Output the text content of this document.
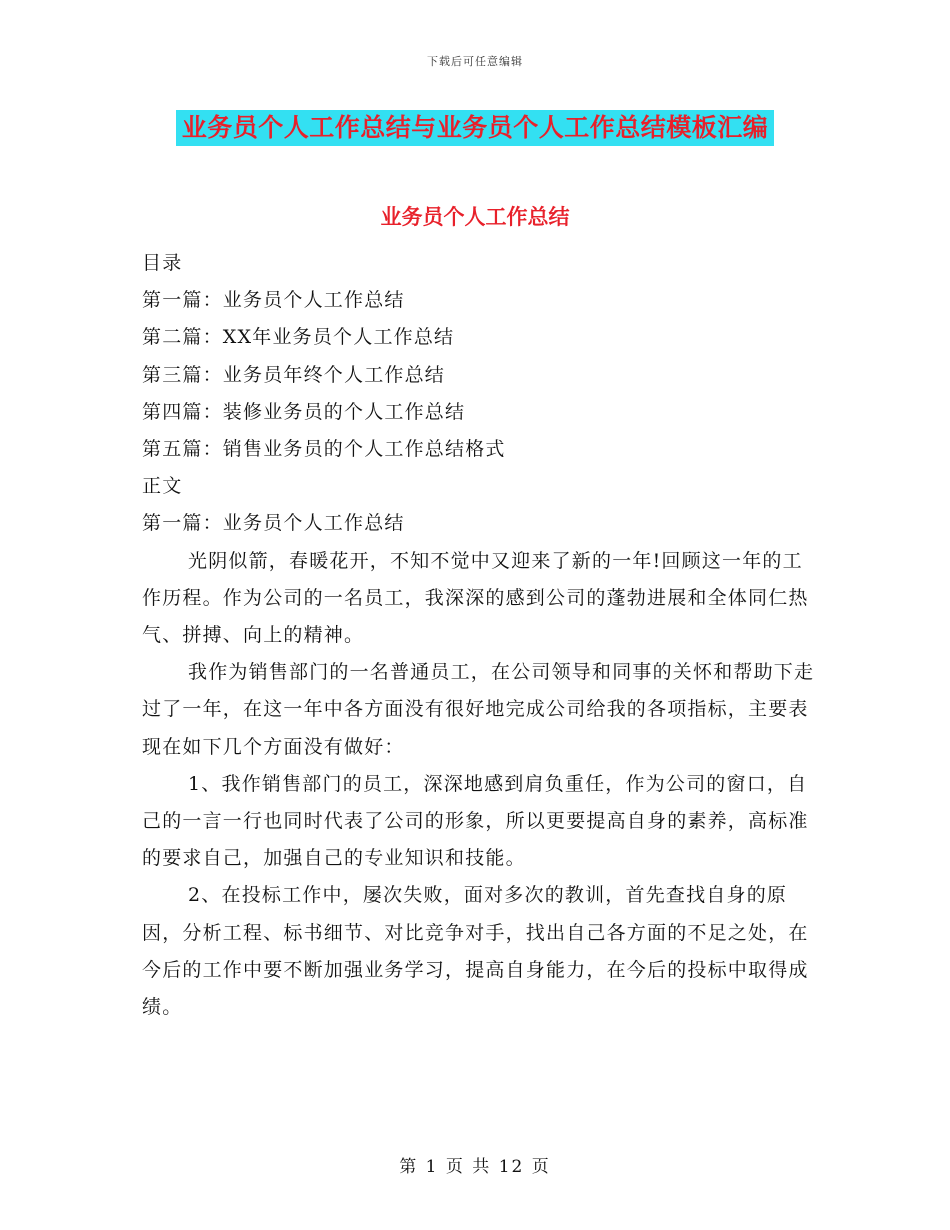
下载后可任意编辑
业务员个人工作总结与业务员个人工作总结模板汇编
业务员个人工作总结

目录

第一篇：业务员个人工作总结

第二篇：XX年业务员个人工作总结

第三篇：业务员年终个人工作总结

第四篇：装修业务员的个人工作总结

第五篇：销售业务员的个人工作总结格式

正文

第一篇：业务员个人工作总结

光阴似箭，春暖花开，不知不觉中又迎来了新的一年!回顾这一年的工作历程。作为公司的一名员工，我深深的感到公司的蓬勃进展和全体同仁热气、拼搏、向上的精神。

我作为销售部门的一名普通员工，在公司领导和同事的关怀和帮助下走过了一年，在这一年中各方面没有很好地完成公司给我的各项指标，主要表现在如下几个方面没有做好：

1、我作销售部门的员工，深深地感到肩负重任，作为公司的窗口，自己的一言一行也同时代表了公司的形象，所以更要提高自身的素养，高标准的要求自己，加强自己的专业知识和技能。

2、在投标工作中，屡次失败，面对多次的教训，首先查找自身的原因，分析工程、标书细节、对比竞争对手，找出自己各方面的不足之处，在今后的工作中要不断加强业务学习，提高自身能力，在今后的投标中取得成绩。

第 1 页 共 12 页
